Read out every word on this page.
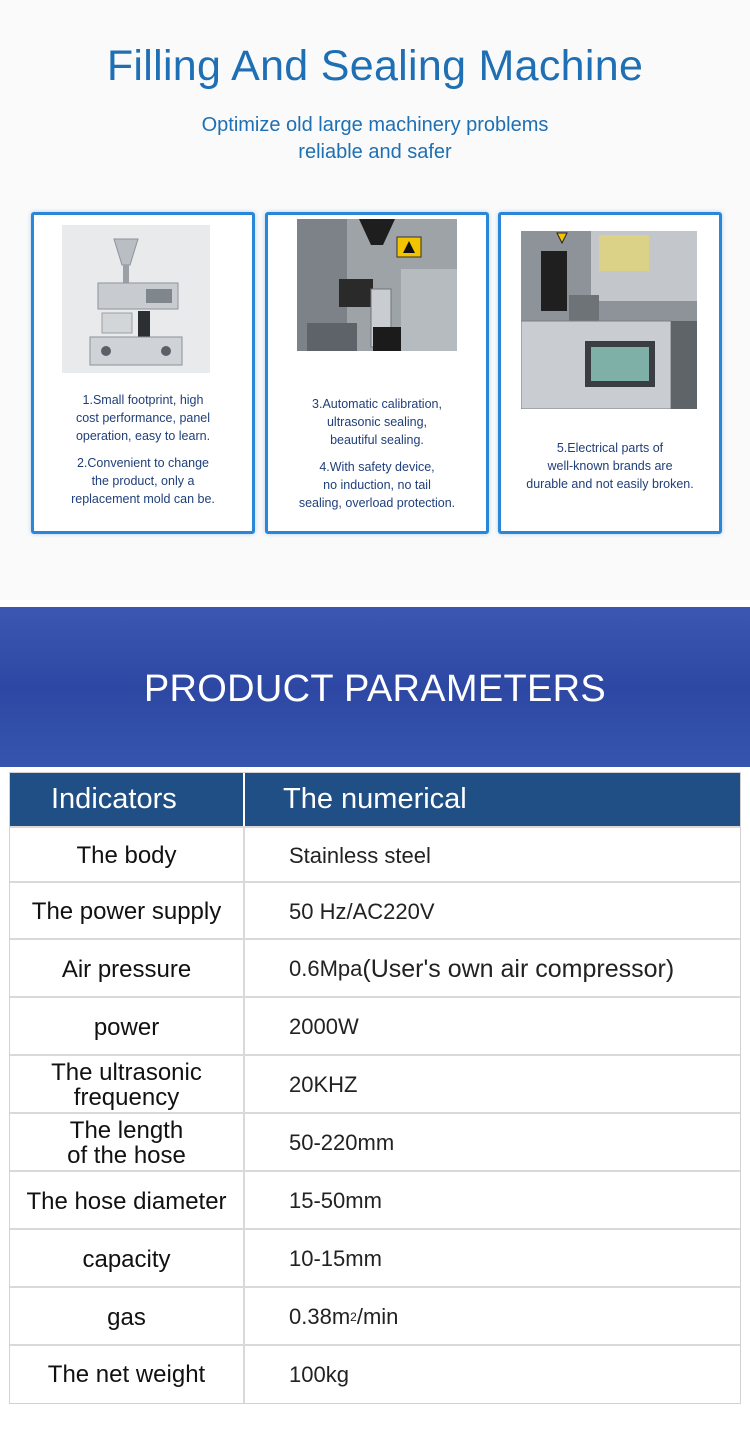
Filling And Sealing Machine
Optimize old large machinery problems
reliable and safer

1.Small footprint, high
cost performance, panel
operation, easy to learn.

2.Convenient to change
the product, only a
replacement mold can be.

3.Automatic calibration,
ultrasonic sealing,
beautiful sealing.

4.With safety device,
no induction, no tail
sealing, overload protection.

5.Electrical parts of
well-known brands are
durable and not easily broken.

PRODUCT PARAMETERS
Indicators	The numerical
The body	Stainless steel
The power supply	50 Hz/AC220V
Air pressure	0.6Mpa (User's own air compressor)
power	2000W
The ultrasonic
frequency	20KHZ
The length
of the hose	50-220mm
The hose diameter	15-50mm
capacity	10-15mm
gas	0.38m 2 /min
The net weight	100kg
